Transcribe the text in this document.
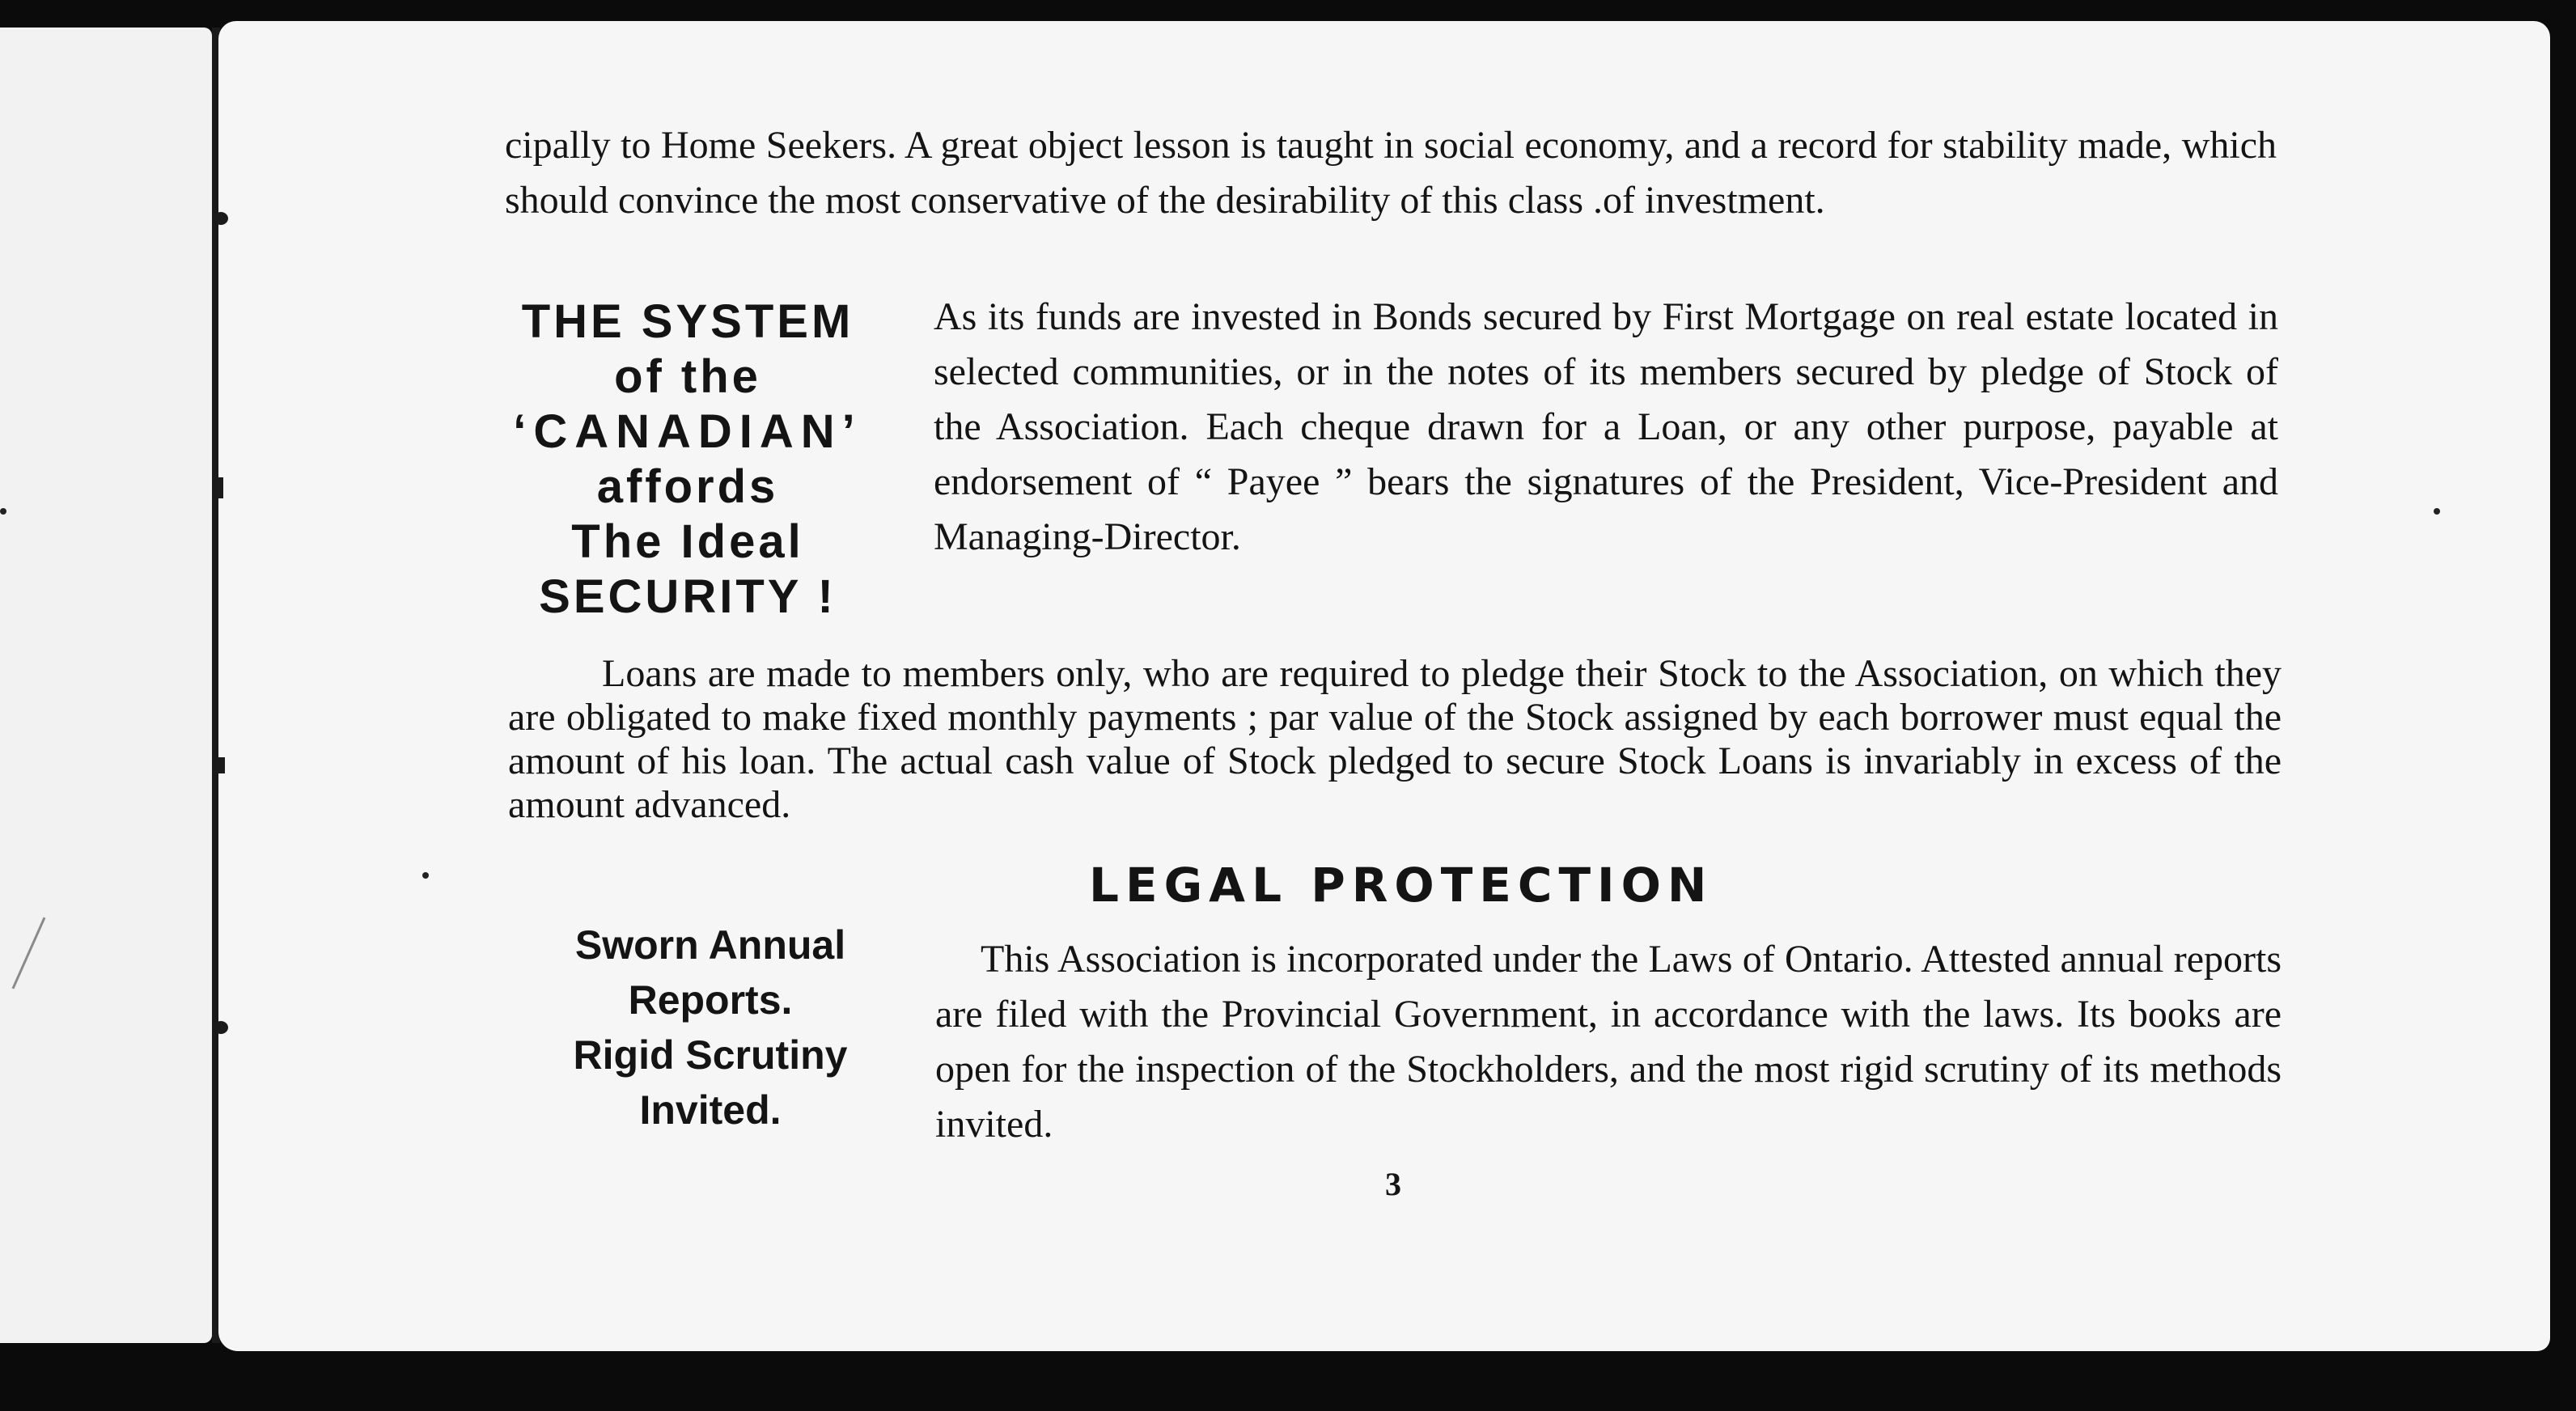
cipally to Home Seekers. A great object lesson is taught in social economy, and a record for stability made, which should convince the most conservative of the desirability of this class .of investment.

THE SYSTEM
of the
‘CANADIAN’
affords
The Ideal
SECURITY !

As its funds are invested in Bonds secured by First Mortgage on real estate located in selected communities, or in the notes of its members secured by pledge of Stock of the Association. Each cheque drawn for a Loan, or any other purpose, payable at endorsement of “ Payee ” bears the signatures of the President, Vice-President and Managing-Director.

Loans are made to members only, who are required to pledge their Stock to the Association, on which they are obligated to make fixed monthly payments ; par value of the Stock assigned by each borrower must equal the amount of his loan. The actual cash value of Stock pledged to secure Stock Loans is invariably in excess of the amount advanced.

LEGAL PROTECTION
Sworn Annual
Reports.
Rigid Scrutiny
Invited.

This Association is incorporated under the Laws of Ontario. Attested annual reports are filed with the Provincial Government, in accordance with the laws. Its books are open for the inspection of the Stockholders, and the most rigid scrutiny of its methods invited.

3
